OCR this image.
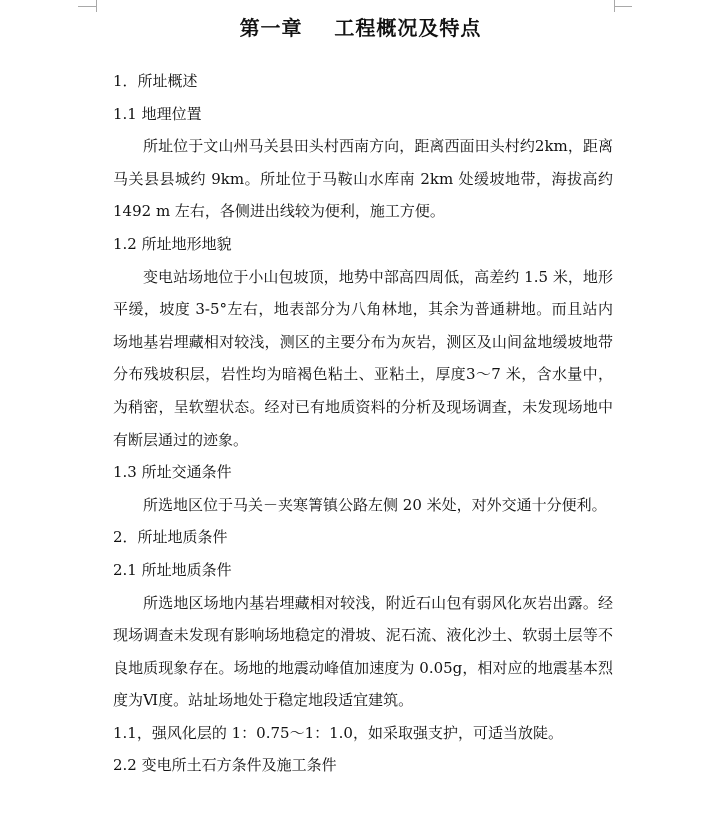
第一章    工程概况及特点

1．所址概述

1.1 地理位置

所址位于文山州马关县田头村西南方向，距离西面田头村约2km，距离马关县县城约 9km。所址位于马鞍山水库南 2km 处缓坡地带，海拔高约 1492 m 左右，各侧进出线较为便利，施工方便。

1.2 所址地形地貌

变电站场地位于小山包坡顶，地势中部高四周低，高差约 1.5 米，地形平缓，坡度 3-5°左右，地表部分为八角林地，其余为普通耕地。而且站内场地基岩埋藏相对较浅，测区的主要分布为灰岩，测区及山间盆地缓坡地带分布残坡积层，岩性均为暗褐色粘土、亚粘土，厚度3～7 米，含水量中，为稍密，呈软塑状态。经对已有地质资料的分析及现场调查，未发现场地中有断层通过的迹象。

1.3 所址交通条件

所选地区位于马关－夹寒箐镇公路左侧 20 米处，对外交通十分便利。

2．所址地质条件

2.1 所址地质条件

所选地区场地内基岩埋藏相对较浅，附近石山包有弱风化灰岩出露。经现场调查未发现有影响场地稳定的滑坡、泥石流、液化沙土、软弱土层等不良地质现象存在。场地的地震动峰值加速度为 0.05g，相对应的地震基本烈度为Ⅵ度。站址场地处于稳定地段适宜建筑。

1.1，强风化层的 1：0.75～1：1.0，如采取强支护，可适当放陡。

2.2 变电所土石方条件及施工条件
